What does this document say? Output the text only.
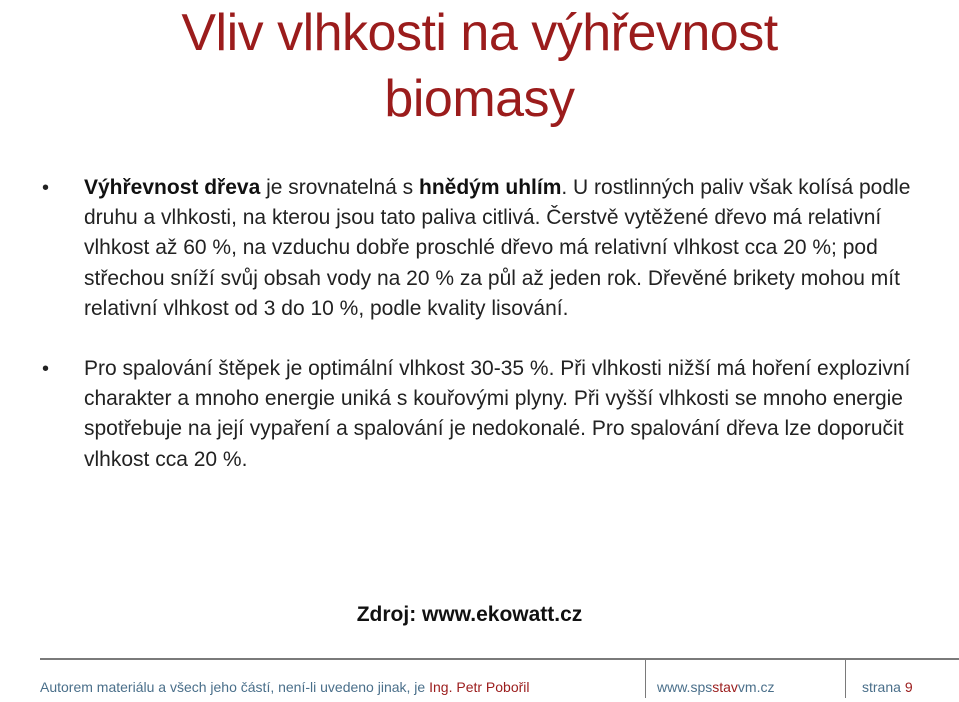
Vliv vlhkosti na výhřevnost
biomasy
• Výhřevnost dřeva je srovnatelná s hnědým uhlím. U rostlinných paliv však kolísá podle druhu a vlhkosti, na kterou jsou tato paliva citlivá. Čerstvě vytěžené dřevo má relativní vlhkost až 60 %, na vzduchu dobře proschlé dřevo má relativní vlhkost cca 20 %; pod střechou sníží svůj obsah vody na 20 % za půl až jeden rok. Dřevěné brikety mohou mít relativní vlhkost od 3 do 10 %, podle kvality lisování.
• Pro spalování štěpek je optimální vlhkost 30-35 %. Při vlhkosti nižší má hoření explozivní charakter a mnoho energie uniká s kouřovými plyny. Při vyšší vlhkosti se mnoho energie spotřebuje na její vypaření a spalování je nedokonalé. Pro spalování dřeva lze doporučit vlhkost cca 20 %.
Zdroj: www.ekowatt.cz
Autorem materiálu a všech jeho částí, není-li uvedeno jinak, je Ing. Petr Pobořil	www.spsstavvm.cz	strana 9
